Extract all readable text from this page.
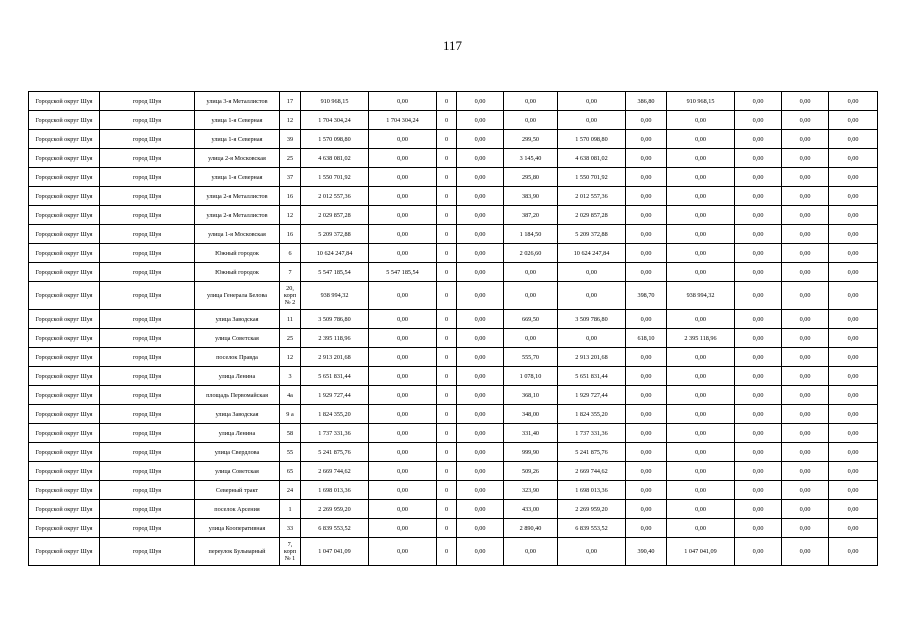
117
Городской округ Шуя	город Шуя	улица 3-я Металлистов	17	910 968,15	0,00	0	0,00	0,00	0,00	386,80	910 968,15	0,00	0,00	0,00
Городской округ Шуя	город Шуя	улица 1-я Северная	12	1 704 304,24	1 704 304,24	0	0,00	0,00	0,00	0,00	0,00	0,00	0,00	0,00
Городской округ Шуя	город Шуя	улица 1-я Северная	39	1 570 098,80	0,00	0	0,00	299,50	1 570 098,80	0,00	0,00	0,00	0,00	0,00
Городской округ Шуя	город Шуя	улица 2-я Московская	25	4 638 081,02	0,00	0	0,00	3 145,40	4 638 081,02	0,00	0,00	0,00	0,00	0,00
Городской округ Шуя	город Шуя	улица 1-я Северная	37	1 550 701,92	0,00	0	0,00	295,80	1 550 701,92	0,00	0,00	0,00	0,00	0,00
Городской округ Шуя	город Шуя	улица 2-я Металлистов	16	2 012 557,36	0,00	0	0,00	383,90	2 012 557,36	0,00	0,00	0,00	0,00	0,00
Городской округ Шуя	город Шуя	улица 2-я Металлистов	12	2 029 857,28	0,00	0	0,00	387,20	2 029 857,28	0,00	0,00	0,00	0,00	0,00
Городской округ Шуя	город Шуя	улица 1-я Московская	16	5 209 372,88	0,00	0	0,00	1 184,50	5 209 372,88	0,00	0,00	0,00	0,00	0,00
Городской округ Шуя	город Шуя	Южный городок	6	10 624 247,84	0,00	0	0,00	2 026,60	10 624 247,84	0,00	0,00	0,00	0,00	0,00
Городской округ Шуя	город Шуя	Южный городок	7	5 547 185,54	5 547 185,54	0	0,00	0,00	0,00	0,00	0,00	0,00	0,00	0,00
Городской округ Шуя	город Шуя	улица Генерала Белова	20, корп № 2	938 994,32	0,00	0	0,00	0,00	0,00	398,70	938 994,32	0,00	0,00	0,00
Городской округ Шуя	город Шуя	улица Заводская	11	3 509 786,80	0,00	0	0,00	669,50	3 509 786,80	0,00	0,00	0,00	0,00	0,00
Городской округ Шуя	город Шуя	улица Советская	25	2 395 118,96	0,00	0	0,00	0,00	0,00	618,10	2 395 118,96	0,00	0,00	0,00
Городской округ Шуя	город Шуя	поселок Правда	12	2 913 201,68	0,00	0	0,00	555,70	2 913 201,68	0,00	0,00	0,00	0,00	0,00
Городской округ Шуя	город Шуя	улица Ленина	3	5 651 831,44	0,00	0	0,00	1 078,10	5 651 831,44	0,00	0,00	0,00	0,00	0,00
Городской округ Шуя	город Шуя	площадь Первомайская	4а	1 929 727,44	0,00	0	0,00	368,10	1 929 727,44	0,00	0,00	0,00	0,00	0,00
Городской округ Шуя	город Шуя	улица Заводская	9 а	1 824 355,20	0,00	0	0,00	348,00	1 824 355,20	0,00	0,00	0,00	0,00	0,00
Городской округ Шуя	город Шуя	улица Ленина	58	1 737 331,36	0,00	0	0,00	331,40	1 737 331,36	0,00	0,00	0,00	0,00	0,00
Городской округ Шуя	город Шуя	улица Свердлова	55	5 241 875,76	0,00	0	0,00	999,90	5 241 875,76	0,00	0,00	0,00	0,00	0,00
Городской округ Шуя	город Шуя	улица Советская	65	2 669 744,62	0,00	0	0,00	509,26	2 669 744,62	0,00	0,00	0,00	0,00	0,00
Городской округ Шуя	город Шуя	Северный тракт	24	1 698 013,36	0,00	0	0,00	323,90	1 698 013,36	0,00	0,00	0,00	0,00	0,00
Городской округ Шуя	город Шуя	поселок Арсения	1	2 269 959,20	0,00	0	0,00	433,00	2 269 959,20	0,00	0,00	0,00	0,00	0,00
Городской округ Шуя	город Шуя	улица Кооперативная	33	6 839 553,52	0,00	0	0,00	2 890,40	6 839 553,52	0,00	0,00	0,00	0,00	0,00
Городской округ Шуя	город Шуя	переулок Бульварный	7, корп № 1	1 047 041,09	0,00	0	0,00	0,00	0,00	390,40	1 047 041,09	0,00	0,00	0,00
